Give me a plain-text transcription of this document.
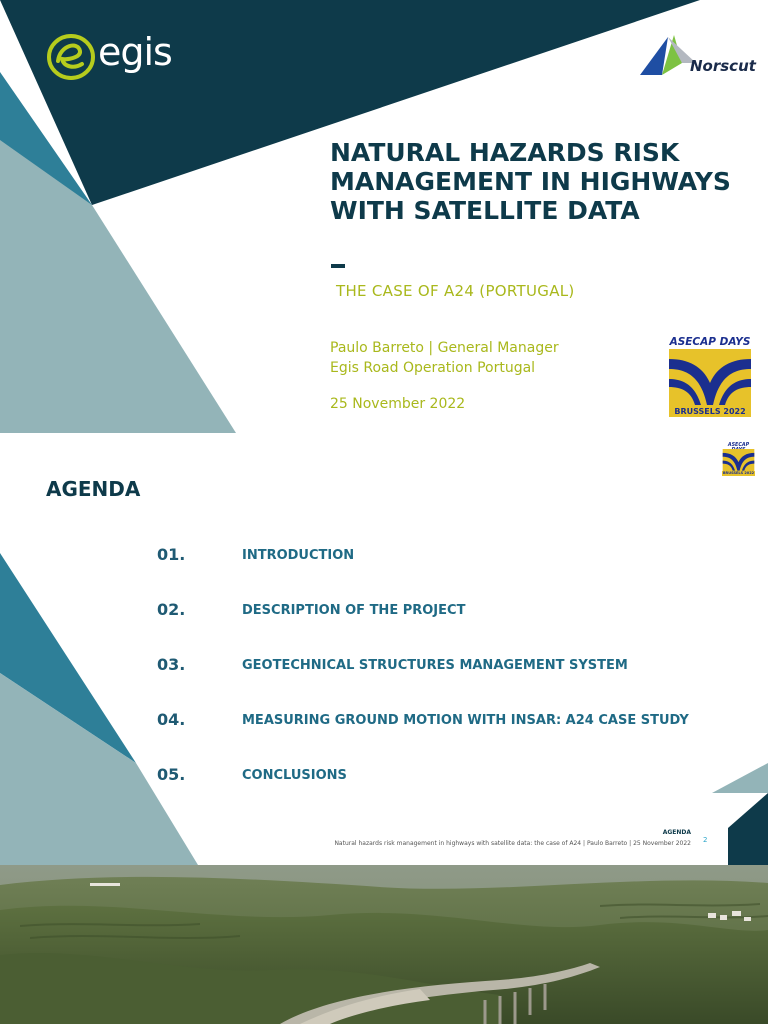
egis	Norscut
NATURAL HAZARDS RISK MANAGEMENT IN HIGHWAYS WITH SATELLITE DATA
THE CASE OF A24 (PORTUGAL)
Paulo Barreto | General Manager
Egis Road Operation Portugal
25 November 2022
ASECAP DAYS
BRUSSELS 2022
ASECAP
BRUSSELS 2022
AGENDA
01.	INTRODUCTION
02.	DESCRIPTION OF THE PROJECT
03.	GEOTECHNICAL STRUCTURES MANAGEMENT SYSTEM
04.	MEASURING GROUND MOTION WITH INSAR: A24 CASE STUDY
05.	CONCLUSIONS
AGENDA
Natural hazards risk management in highways with satellite data: the case of A24 | Paulo Barreto | 25 November 2022 2
